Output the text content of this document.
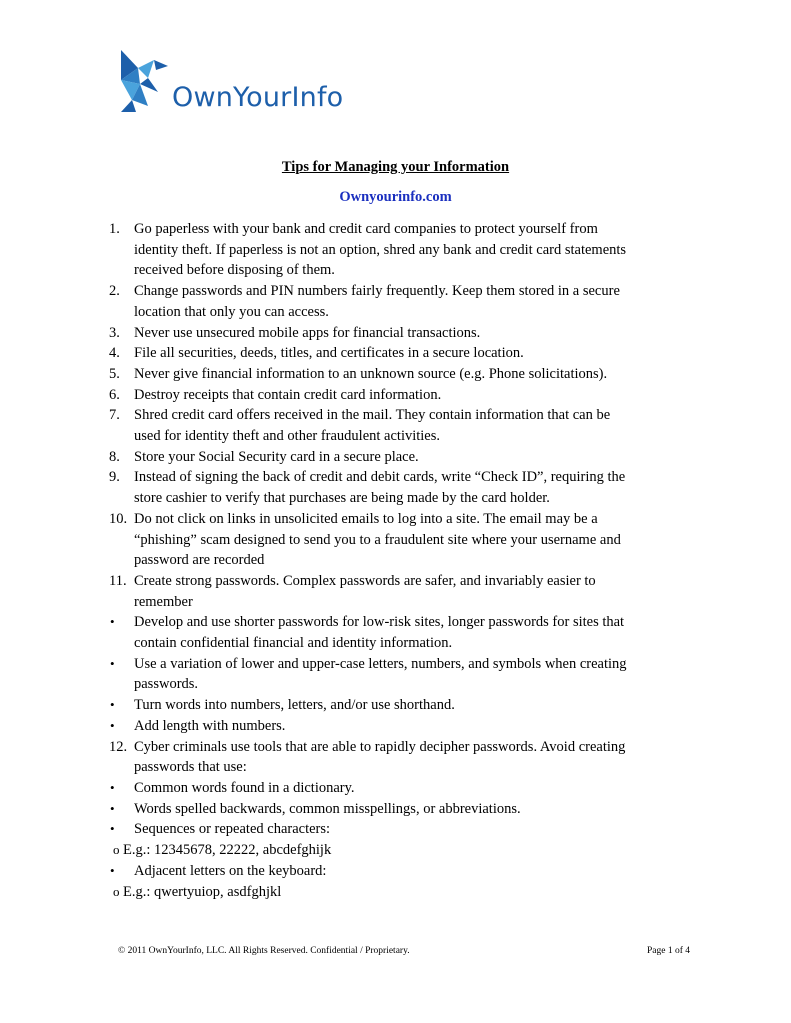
OwnYourInfo
Tips for Managing your Information
Ownyourinfo.com
1. Go paperless with your bank and credit card companies to protect yourself from
identity theft. If paperless is not an option, shred any bank and credit card statements
received before disposing of them.
2. Change passwords and PIN numbers fairly frequently. Keep them stored in a secure
location that only you can access.
3. Never use unsecured mobile apps for financial transactions.
4. File all securities, deeds, titles, and certificates in a secure location.
5. Never give financial information to an unknown source (e.g. Phone solicitations).
6. Destroy receipts that contain credit card information.
7. Shred credit card offers received in the mail. They contain information that can be
used for identity theft and other fraudulent activities.
8. Store your Social Security card in a secure place.
9. Instead of signing the back of credit and debit cards, write “Check ID”, requiring the
store cashier to verify that purchases are being made by the card holder.
10. Do not click on links in unsolicited emails to log into a site. The email may be a
“phishing” scam designed to send you to a fraudulent site where your username and
password are recorded
11. Create strong passwords. Complex passwords are safer, and invariably easier to
remember
• Develop and use shorter passwords for low-risk sites, longer passwords for sites that
contain confidential financial and identity information.
• Use a variation of lower and upper-case letters, numbers, and symbols when creating
passwords.
• Turn words into numbers, letters, and/or use shorthand.
• Add length with numbers.
12. Cyber criminals use tools that are able to rapidly decipher passwords. Avoid creating
passwords that use:
• Common words found in a dictionary.
• Words spelled backwards, common misspellings, or abbreviations.
• Sequences or repeated characters:
o E.g.: 12345678, 22222, abcdefghijk
• Adjacent letters on the keyboard:
o E.g.: qwertyuiop, asdfghjkl
© 2011 OwnYourInfo, LLC. All Rights Reserved. Confidential / Proprietary.	Page 1 of 4
